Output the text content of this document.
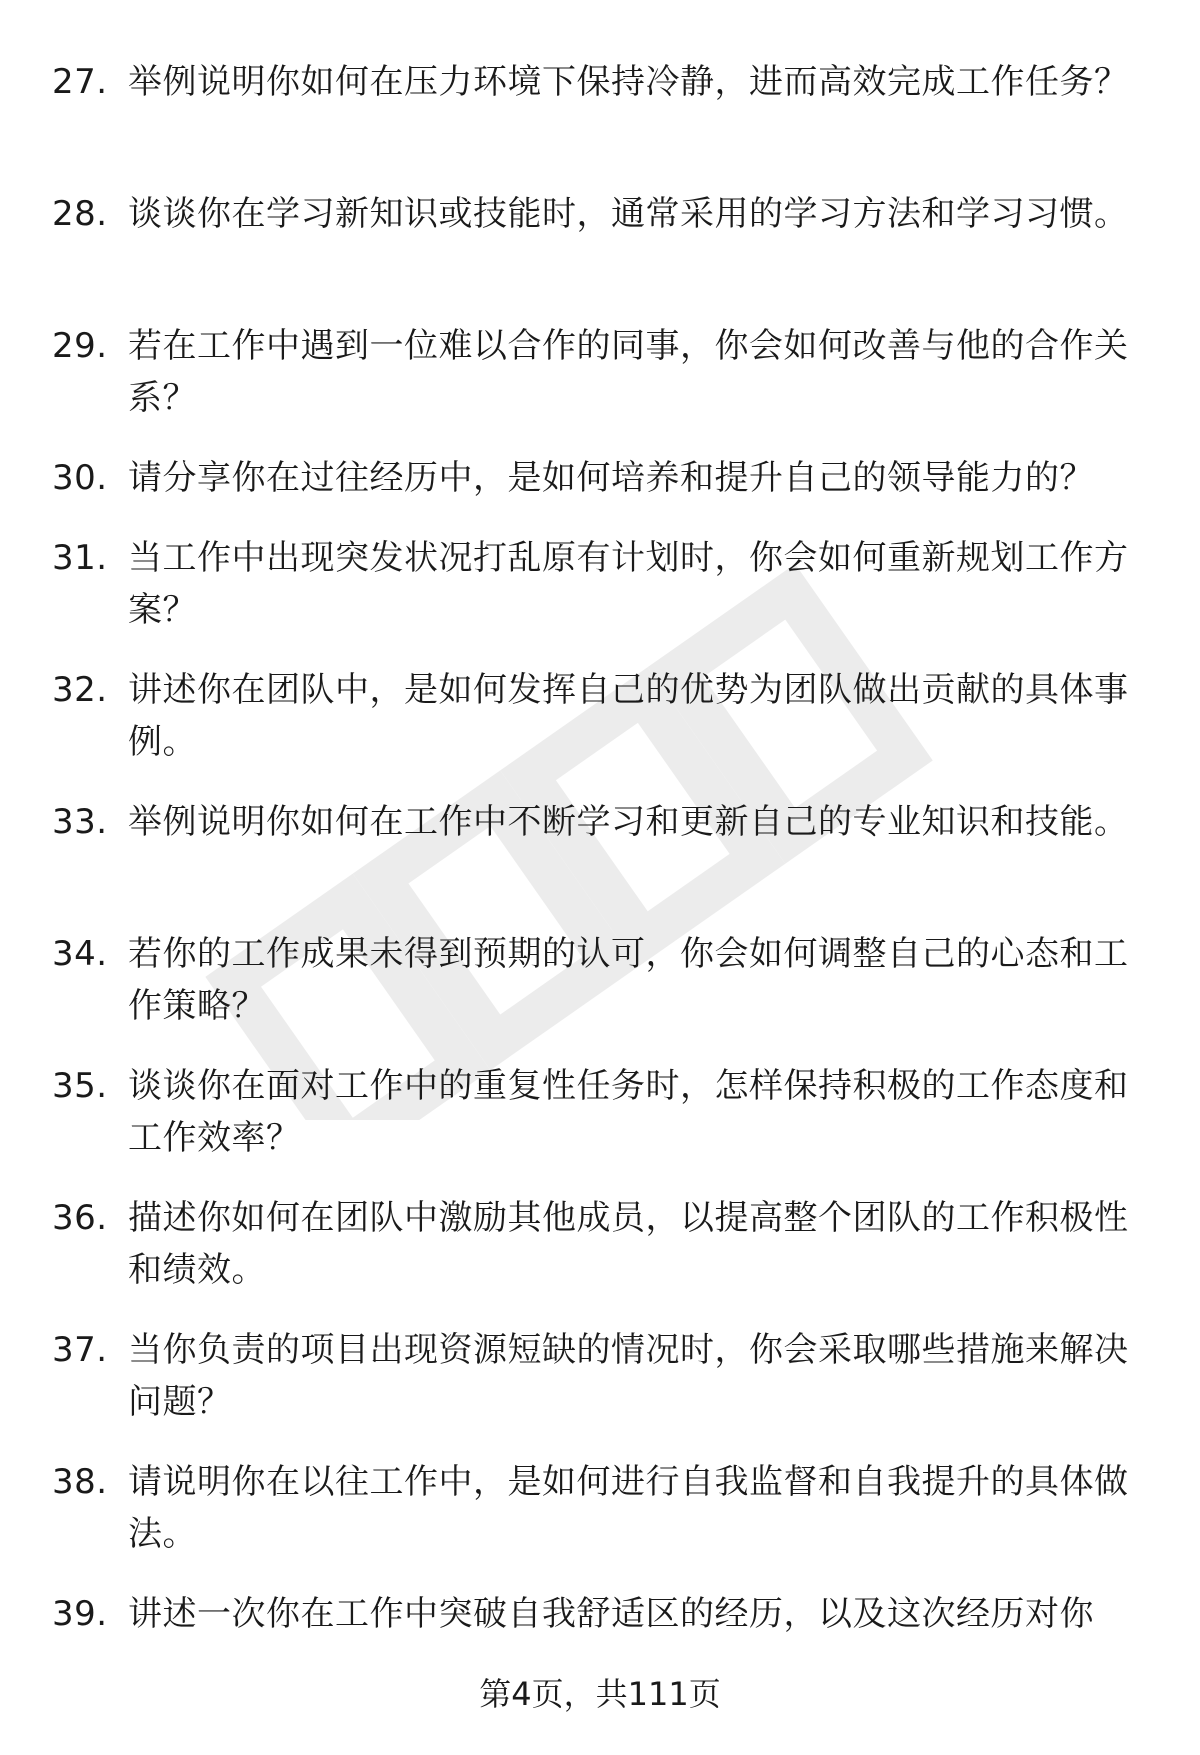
27. 举例说明你如何在压力环境下保持冷静，进而高效完成工作任务？
28. 谈谈你在学习新知识或技能时，通常采用的学习方法和学习习惯。
29. 若在工作中遇到一位难以合作的同事，你会如何改善与他的合作关系？
30. 请分享你在过往经历中，是如何培养和提升自己的领导能力的？
31. 当工作中出现突发状况打乱原有计划时，你会如何重新规划工作方案？
32. 讲述你在团队中，是如何发挥自己的优势为团队做出贡献的具体事例。
33. 举例说明你如何在工作中不断学习和更新自己的专业知识和技能。
34. 若你的工作成果未得到预期的认可，你会如何调整自己的心态和工作策略？
35. 谈谈你在面对工作中的重复性任务时，怎样保持积极的工作态度和工作效率？
36. 描述你如何在团队中激励其他成员，以提高整个团队的工作积极性和绩效。
37. 当你负责的项目出现资源短缺的情况时，你会采取哪些措施来解决问题？
38. 请说明你在以往工作中，是如何进行自我监督和自我提升的具体做法。
39. 讲述一次你在工作中突破自我舒适区的经历，以及这次经历对你
第4页，共111页
